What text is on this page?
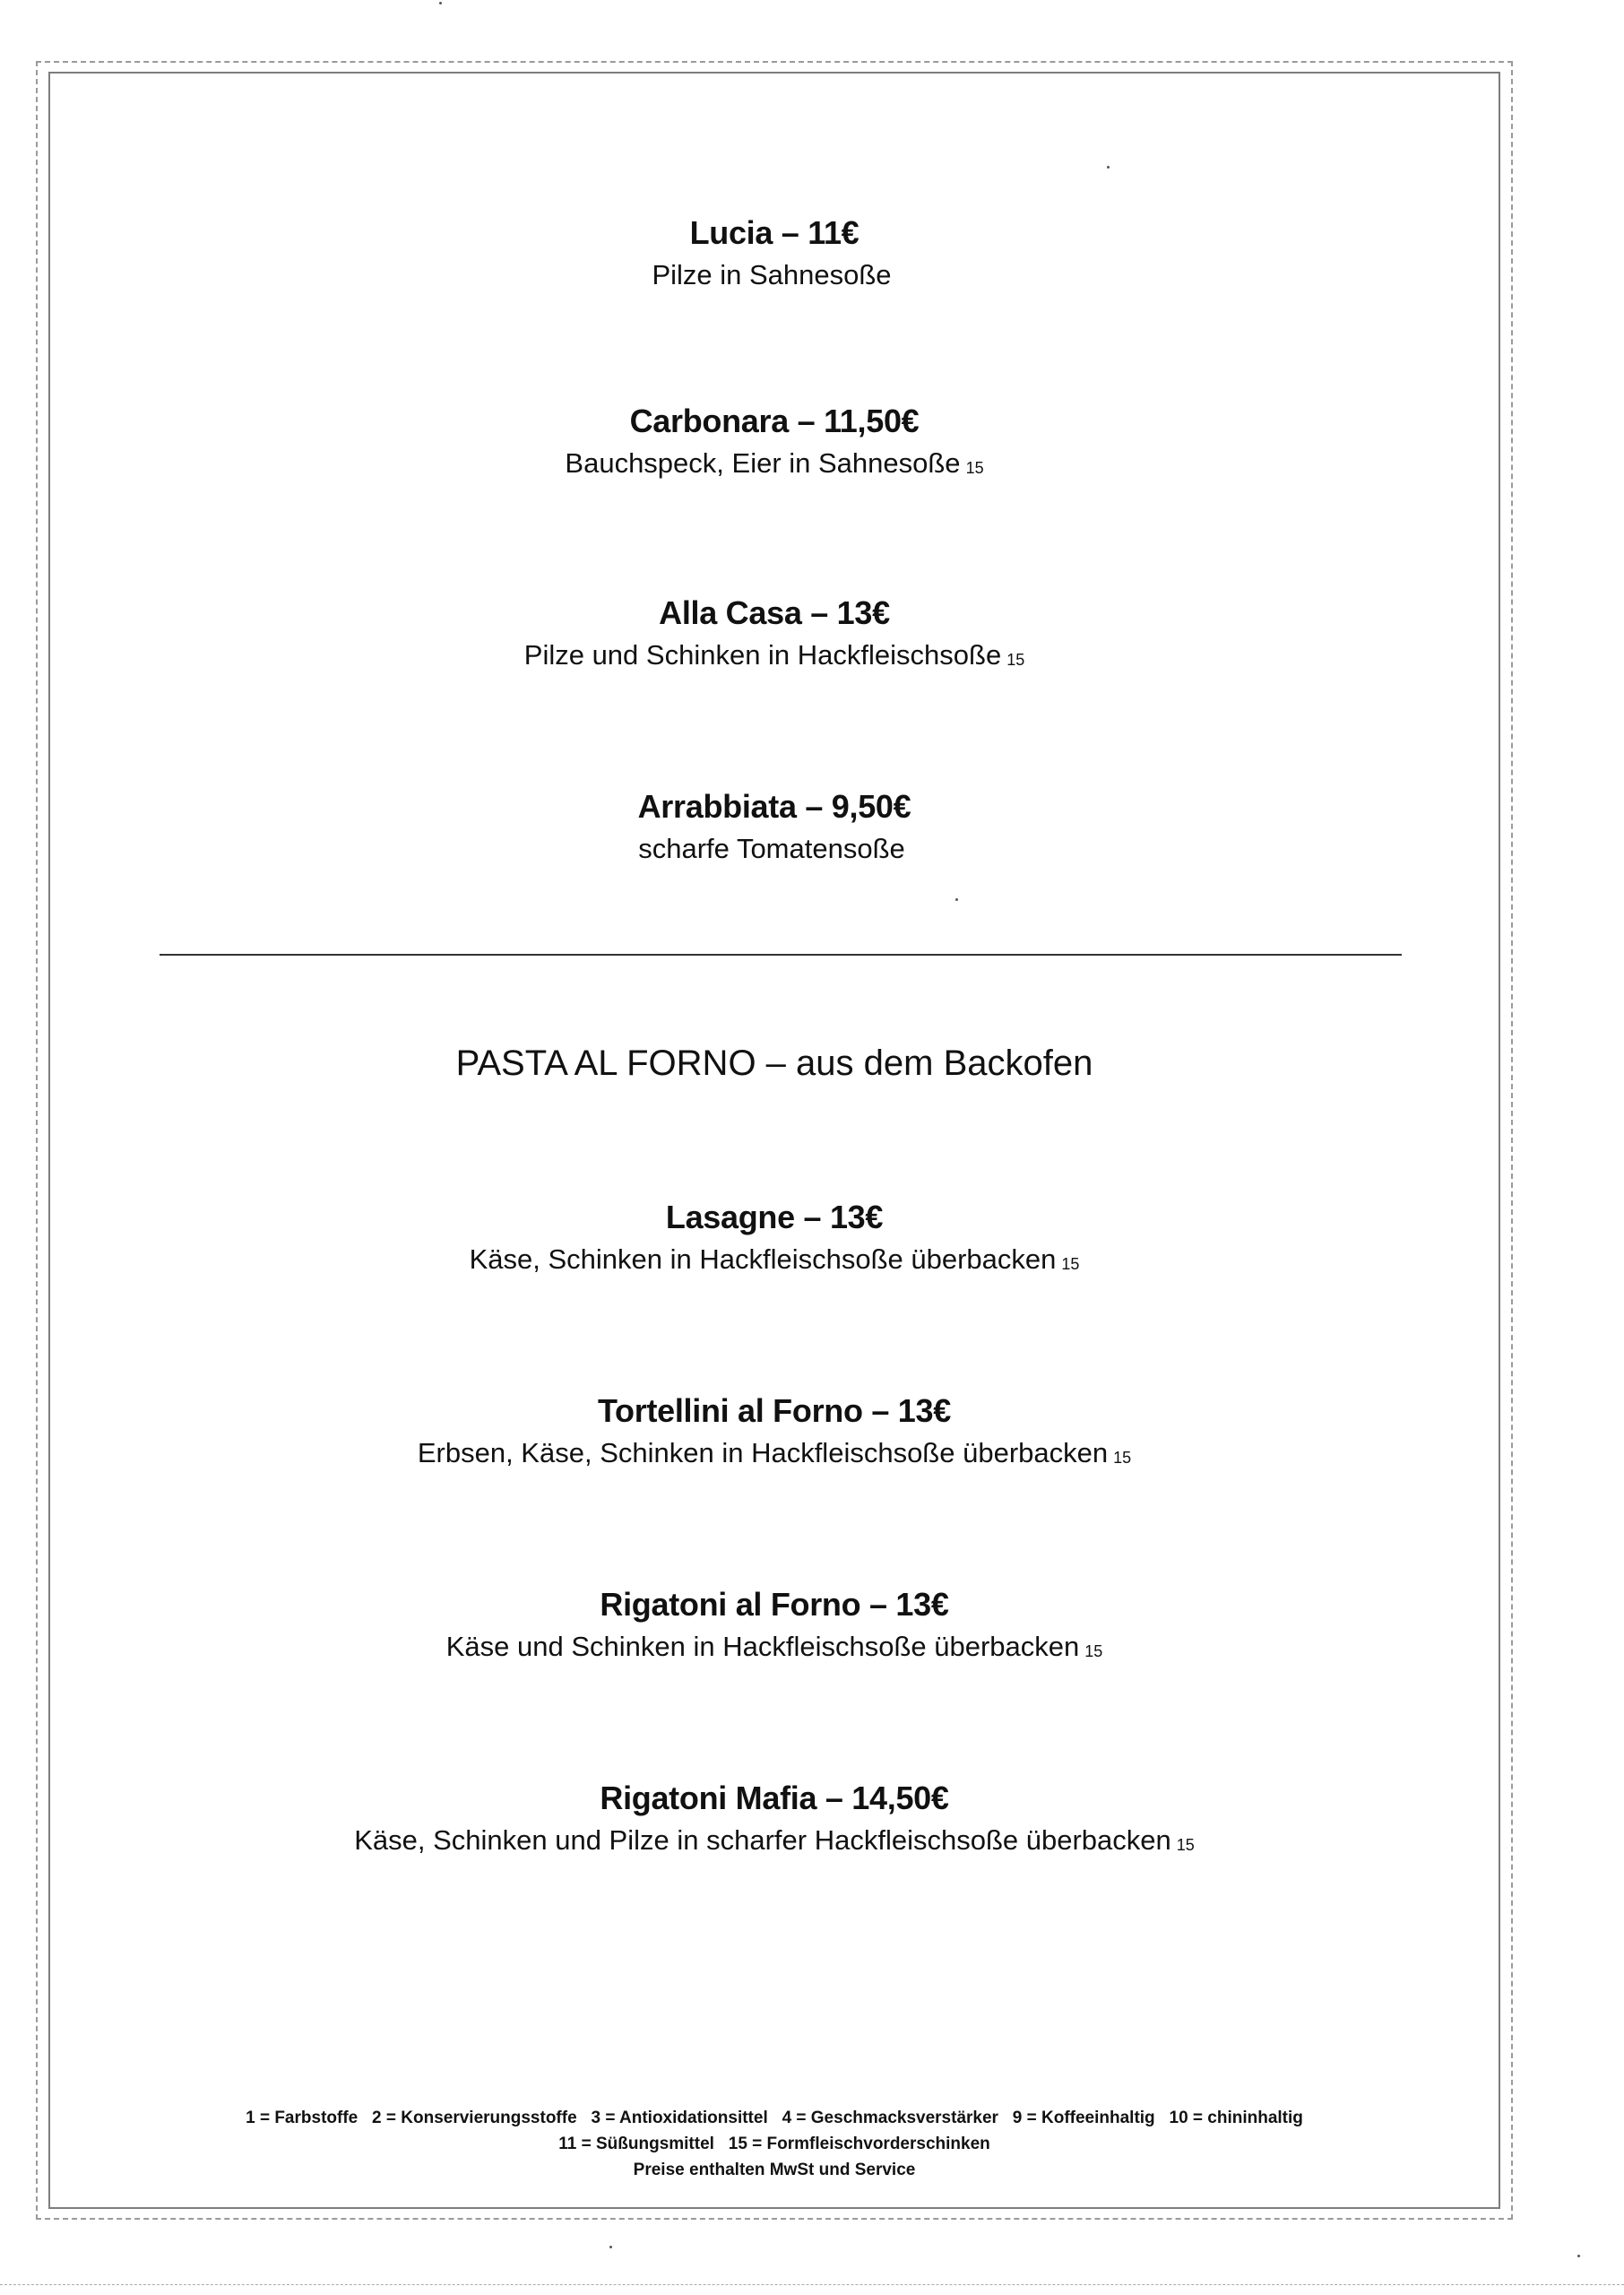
Lucia – 11€
Pilze in Sahnesoße
Carbonara – 11,50€
Bauchspeck, Eier in Sahnesoße 15
Alla Casa – 13€
Pilze und Schinken in Hackfleischsoße 15
Arrabbiata – 9,50€
scharfe Tomatensoße
PASTA AL FORNO – aus dem Backofen
Lasagne – 13€
Käse, Schinken in Hackfleischsoße überbacken 15
Tortellini al Forno – 13€
Erbsen, Käse, Schinken in Hackfleischsoße überbacken 15
Rigatoni al Forno – 13€
Käse und Schinken in Hackfleischsoße überbacken 15
Rigatoni Mafia – 14,50€
Käse, Schinken und Pilze in scharfer Hackfleischsoße überbacken 15
1 = Farbstoffe   2 = Konservierungsstoffe   3 = Antioxidationsittel   4 = Geschmacksverstärker   9 = Koffeeinhaltig   10 = chininhaltig
11 = Süßungsmittel   15 = Formfleischvorderschinken
Preise enthalten MwSt und Service
